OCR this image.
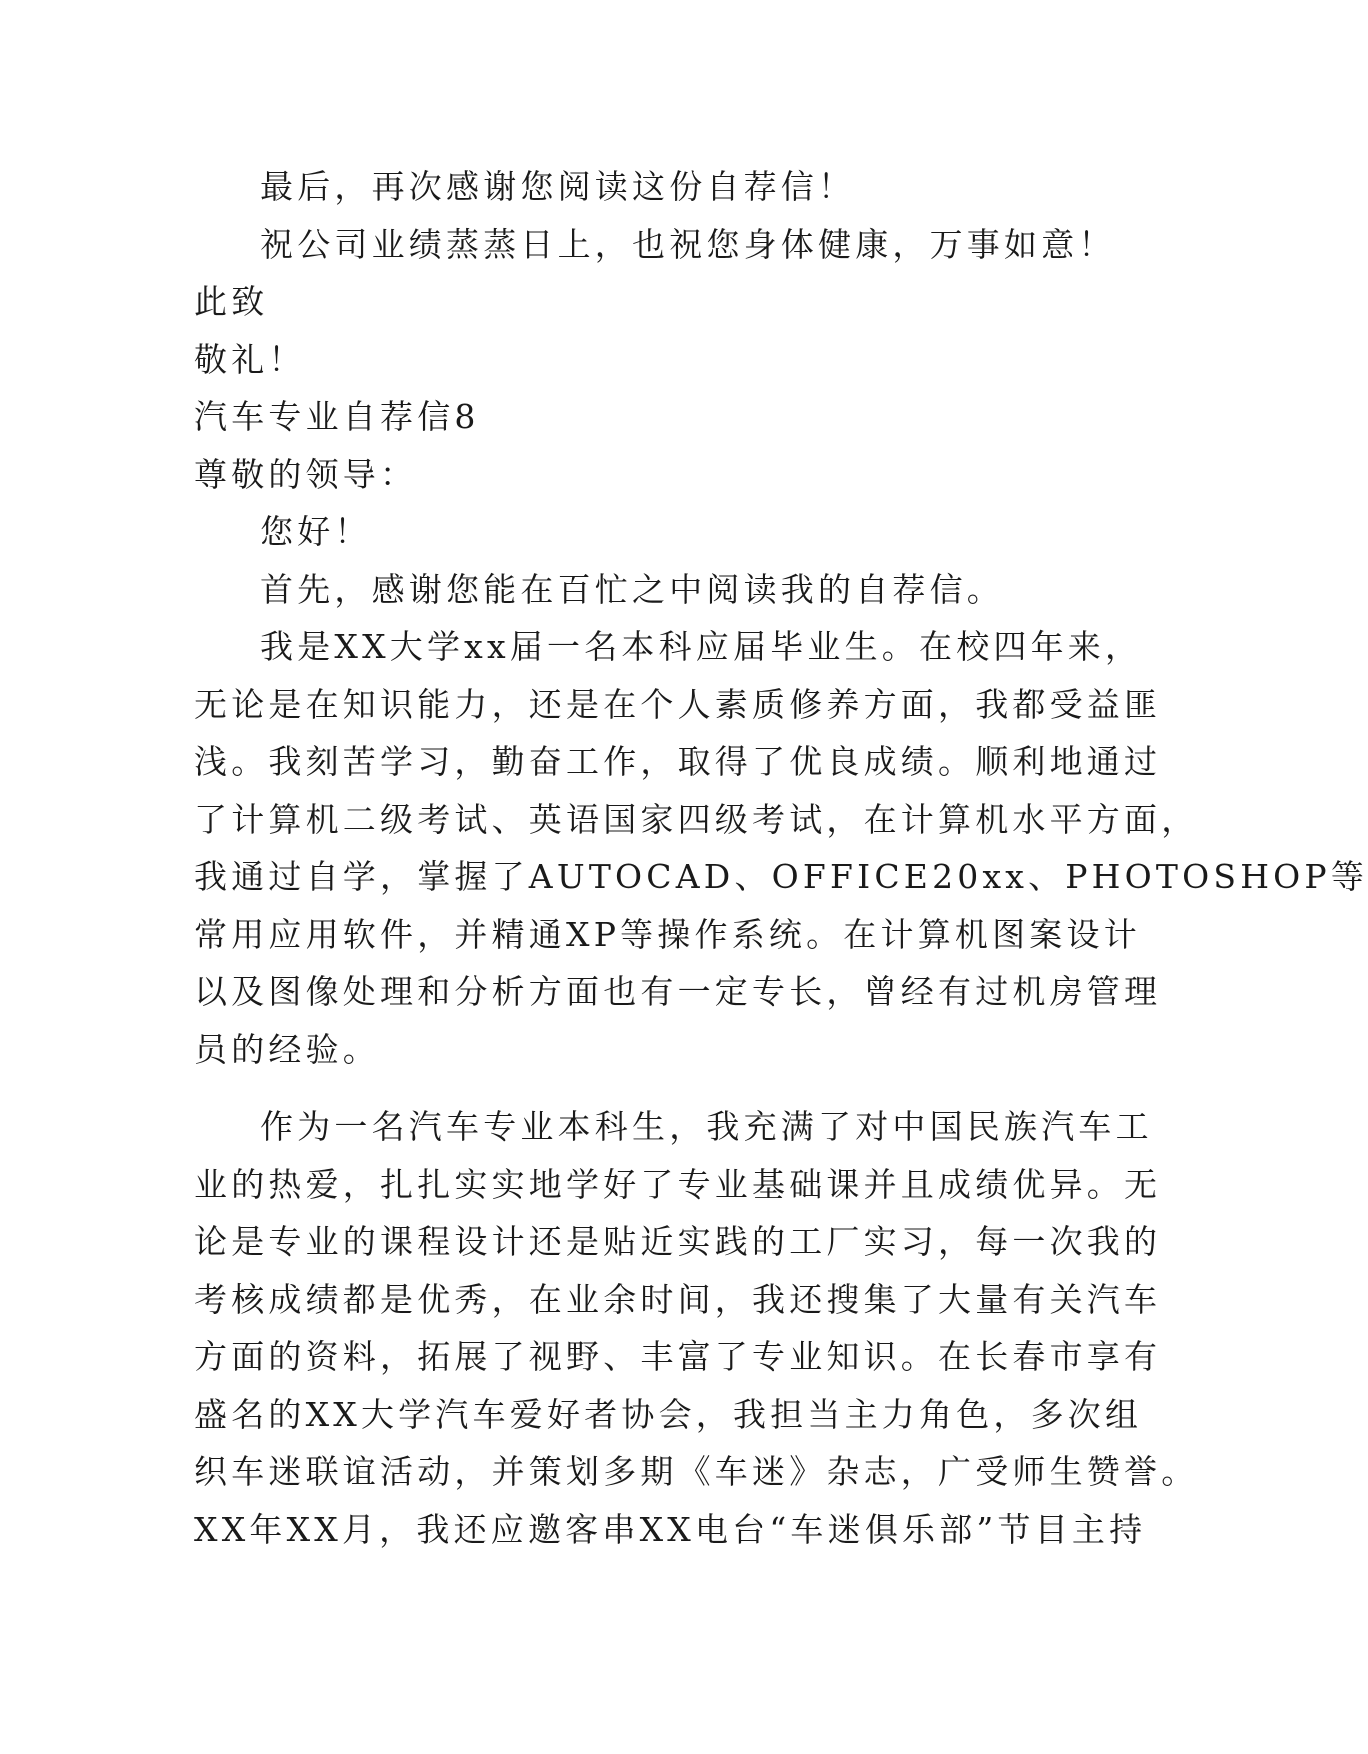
最后，再次感谢您阅读这份自荐信！
祝公司业绩蒸蒸日上，也祝您身体健康，万事如意！
此致
敬礼！
汽车专业自荐信8
尊敬的领导：
您好！
首先，感谢您能在百忙之中阅读我的自荐信。
我是XX大学xx届一名本科应届毕业生。在校四年来，
无论是在知识能力，还是在个人素质修养方面，我都受益匪
浅。我刻苦学习，勤奋工作，取得了优良成绩。顺利地通过
了计算机二级考试、英语国家四级考试，在计算机水平方面，
我通过自学，掌握了AUTOCAD、OFFICE20xx、PHOTOSHOP等
常用应用软件，并精通XP等操作系统。在计算机图案设计
以及图像处理和分析方面也有一定专长，曾经有过机房管理
员的经验。
作为一名汽车专业本科生，我充满了对中国民族汽车工
业的热爱，扎扎实实地学好了专业基础课并且成绩优异。无
论是专业的课程设计还是贴近实践的工厂实习，每一次我的
考核成绩都是优秀，在业余时间，我还搜集了大量有关汽车
方面的资料，拓展了视野、丰富了专业知识。在长春市享有
盛名的XX大学汽车爱好者协会，我担当主力角色，多次组
织车迷联谊活动，并策划多期《车迷》杂志，广受师生赞誉。
XX年XX月，我还应邀客串XX电台“车迷俱乐部”节目主持
